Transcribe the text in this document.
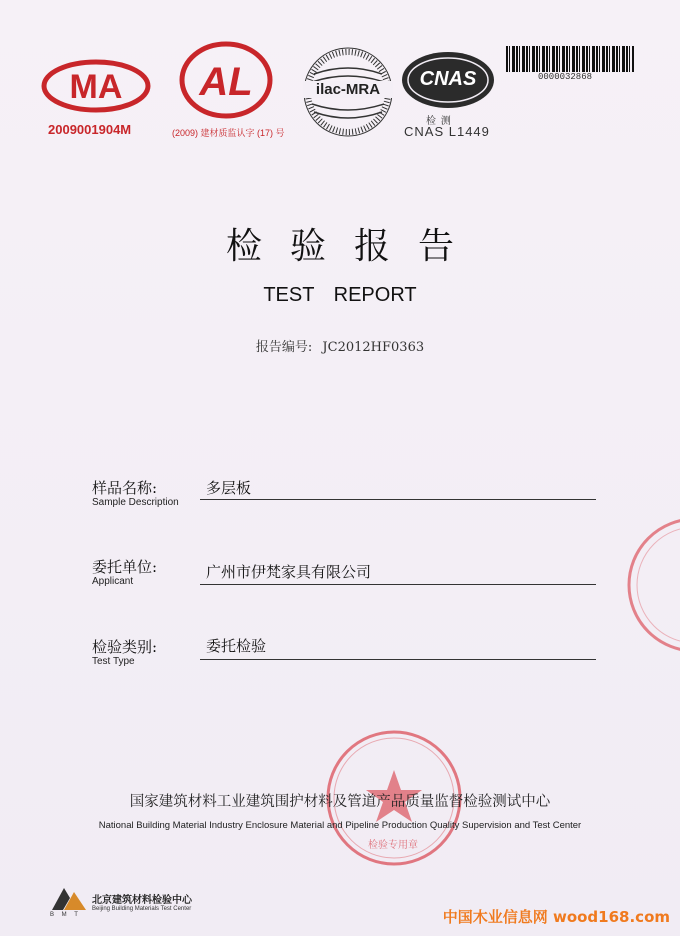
MA
2009001904M
AL
(2009) 建材质监认字 (17) 号
ilac-MRA	CNAS
检 测
CNAS L1449
0000032868
检验报告
TEST REPORT
报告编号: JC2012HF0363
样品名称:
Sample Description
多层板
委托单位:
Applicant
广州市伊梵家具有限公司
检验类别:
Test Type
委托检验
检验专用章
国家建筑材料工业建筑围护材料及管道产品质量监督检验测试中心
National Building Material Industry Enclosure Material and Pipeline Production Quality Supervision and Test Center
B M T
北京建筑材料检验中心
Beijing Building Materials Test Center	中国木业信息网 wood168.com
